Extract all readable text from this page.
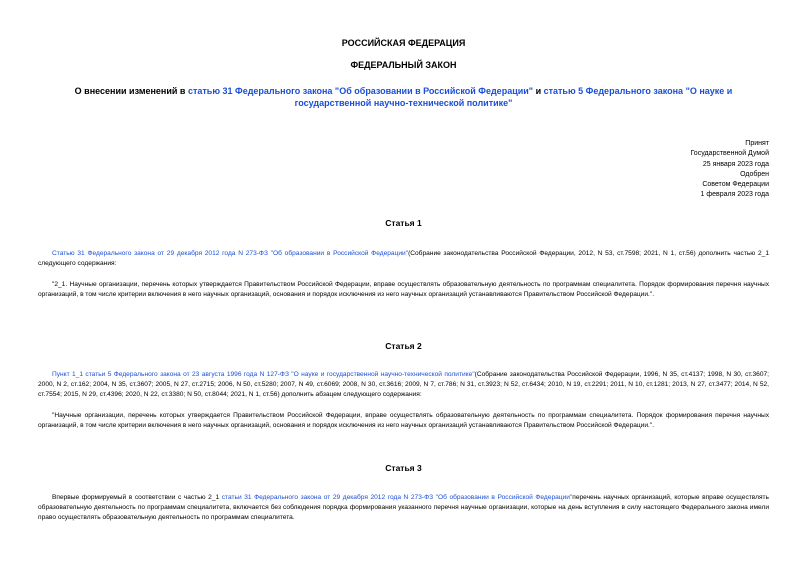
РОССИЙСКАЯ ФЕДЕРАЦИЯ
ФЕДЕРАЛЬНЫЙ ЗАКОН
О внесении изменений в статью 31 Федерального закона "Об образовании в Российской Федерации" и статью 5 Федерального закона "О науке и государственной научно-технической политике"
Принят
Государственной Думой
25 января 2023 года
Одобрен
Советом Федерации
1 февраля 2023 года
Статья 1
Статью 31 Федерального закона от 29 декабря 2012 года N 273-ФЗ "Об образовании в Российской Федерации"(Собрание законодательства Российской Федерации, 2012, N 53, ст.7598; 2021, N 1, ст.56) дополнить частью 2_1 следующего содержания:
"2_1. Научные организации, перечень которых утверждается Правительством Российской Федерации, вправе осуществлять образовательную деятельность по программам специалитета. Порядок формирования перечня научных организаций, в том числе критерии включения в него научных организаций, основания и порядок исключения из него научных организаций устанавливаются Правительством Российской Федерации.".
Статья 2
Пункт 1_1 статьи 5 Федерального закона от 23 августа 1996 года N 127-ФЗ "О науке и государственной научно-технической политике"(Собрание законодательства Российской Федерации, 1996, N 35, ст.4137; 1998, N 30, ст.3607; 2000, N 2, ст.162; 2004, N 35, ст.3607; 2005, N 27, ст.2715; 2006, N 50, ст.5280; 2007, N 49, ст.6069; 2008, N 30, ст.3616; 2009, N 7, ст.786; N 31, ст.3923; N 52, ст.6434; 2010, N 19, ст.2291; 2011, N 10, ст.1281; 2013, N 27, ст.3477; 2014, N 52, ст.7554; 2015, N 29, ст.4396; 2020, N 22, ст.3380; N 50, ст.8044; 2021, N 1, ст.56) дополнить абзацем следующего содержания:
"Научные организации, перечень которых утверждается Правительством Российской Федерации, вправе осуществлять образовательную деятельность по программам специалитета. Порядок формирования перечня научных организаций, в том числе критерии включения в него научных организаций, основания и порядок исключения из него научных организаций устанавливаются Правительством Российской Федерации.".
Статья 3
Впервые формируемый в соответствии с частью 2_1 статьи 31 Федерального закона от 29 декабря 2012 года N 273-ФЗ "Об образовании в Российской Федерации"перечень научных организаций, которые вправе осуществлять образовательную деятельность по программам специалитета, включается без соблюдения порядка формирования указанного перечня научные организации, которые на день вступления в силу настоящего Федерального закона имели право осуществлять образовательную деятельность по программам специалитета.
